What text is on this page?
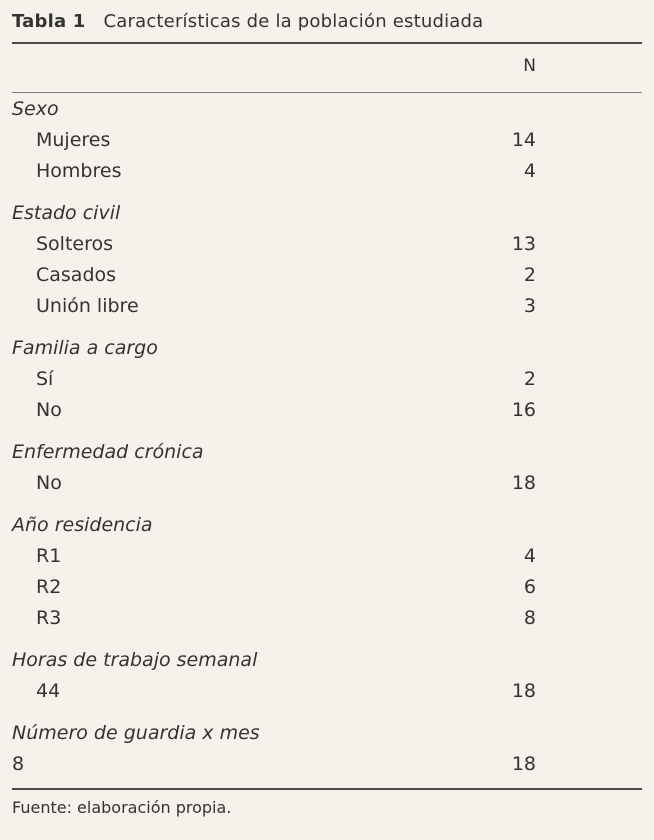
Tabla 1 Características de la población estudiada
N
Sexo
Mujeres	14
Hombres	4
Estado civil
Solteros	13
Casados	2
Unión libre	3
Familia a cargo
Sí	2
No	16
Enfermedad crónica
No	18
Año residencia
R1	4
R2	6
R3	8
Horas de trabajo semanal
44	18
Número de guardia x mes
8	18
Fuente: elaboración propia.
